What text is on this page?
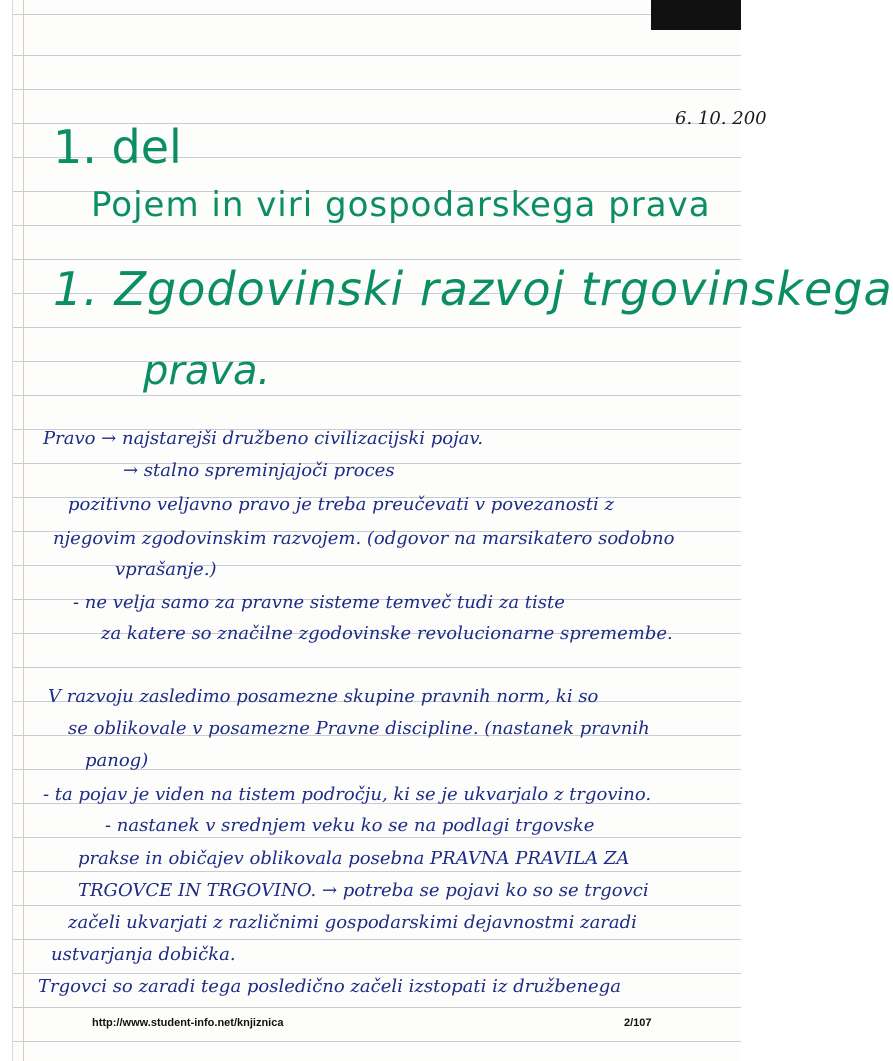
6. 10. 200
1. del
Pojem in viri gospodarskega prava
1. Zgodovinski razvoj trgovinskega
prava.
Pravo → najstarejši družbeno civilizacijski pojav.
→ stalno spreminjajoči proces
pozitivno veljavno pravo je treba preučevati v povezanosti z
njegovim zgodovinskim razvojem. (odgovor na marsikatero sodobno
vprašanje.)
- ne velja samo za pravne sisteme temveč tudi za tiste
za katere so značilne zgodovinske revolucionarne spremembe.
V razvoju zasledimo posamezne skupine pravnih norm, ki so
se oblikovale v posamezne Pravne discipline. (nastanek pravnih
panog)
- ta pojav je viden na tistem področju, ki se je ukvarjalo z trgovino.
- nastanek v srednjem veku ko se na podlagi trgovske
prakse in običajev oblikovala posebna PRAVNA PRAVILA ZA
TRGOVCE IN TRGOVINO. → potreba se pojavi ko so se trgovci
začeli ukvarjati z različnimi gospodarskimi dejavnostmi zaradi
ustvarjanja dobička.
Trgovci so zaradi tega posledično začeli izstopati iz družbenega
http://www.student-info.net/knjiznica	2/107
